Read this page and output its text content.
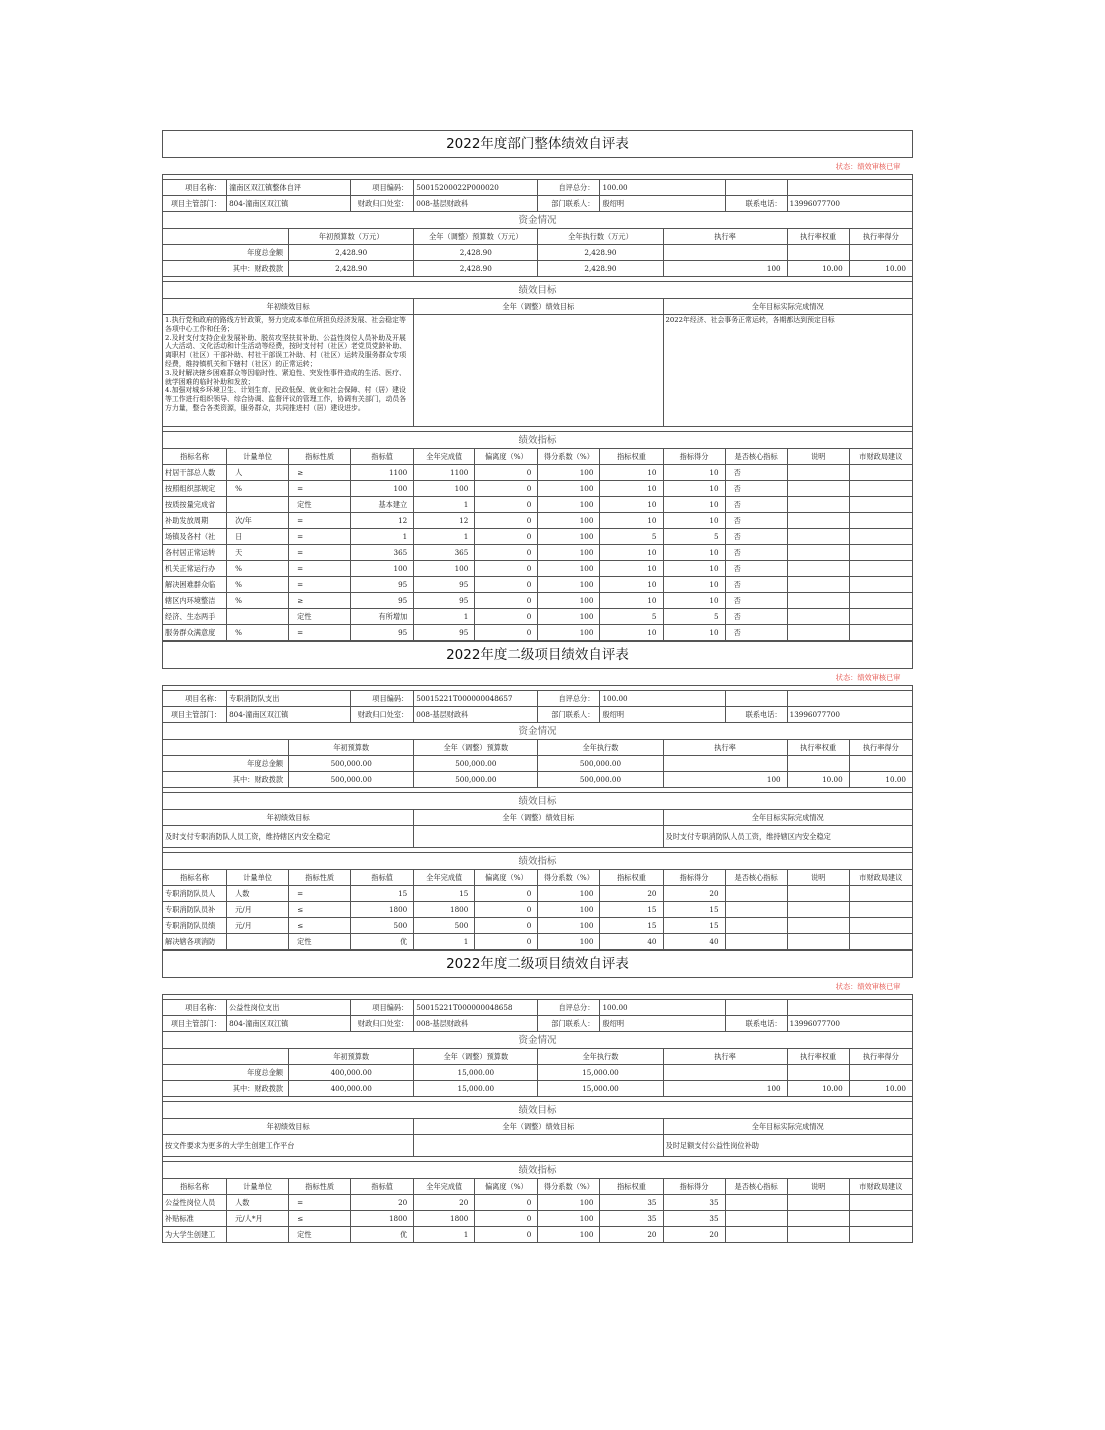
2022年度部门整体绩效自评表											
状态：绩效审核已审											

项目名称：	潼南区双江镇整体自评		项目编码：	50015200022P000020		自评总分：	100.00				
项目主管部门：	804-潼南区双江镇		财政归口处室：	008-基层财政科		部门联系人：	殷绍明		联系电话：	13996077700	
资金情况											
		年初预算数（万元）		全年（调整）预算数（万元）		全年执行数（万元）		执行率		执行率权重	执行率得分
年度总金额		2,428.90		2,428.90		2,428.90					
其中：财政拨款		2,428.90		2,428.90		2,428.90		100		10.00	10.00

绩效目标											
年初绩效目标				全年（调整）绩效目标				全年目标实际完成情况			
1.执行党和政府的路线方针政策，努力完成本单位所担负经济发展、社会稳定等各项中心工作和任务；
2.及时支付支持企业发展补助、脱贫攻坚扶贫补助、公益性岗位人员补助及开展人大活动、文化活动和计生活动等经费，按时支付村（社区）老党员党龄补助、离职村（社区）干部补助、村社干部误工补助、村（社区）运转及服务群众专项经费，维持镇机关和下辖村（社区）的正常运转；
3.及时解决辖乡困难群众等因临时性、紧迫性、突发性事件造成的生活、医疗、就学困难的临时补助和发放；
4.加强对城乡环境卫生、计划生育、民政低保、就业和社会保障、村（居）建设等工作进行组织领导、综合协调、监督评议的管理工作，协调有关部门，动员各方力量，整合各类资源，服务群众，共同推进村（居）建设进步。								2022年经济、社会事务正常运转，各期都达到预定目标			

绩效指标											
指标名称	计量单位	指标性质	指标值	全年完成值	偏离度（%）	得分系数（%）	指标权重	指标得分	是否核心指标	说明	市财政局建议
村居干部总人数	人	≥	1100	1100	0	100	10	10	否		
按照组织部规定	%	=	100	100	0	100	10	10	否		
按质按量完成省		定性	基本建立	1	0	100	10	10	否		
补助发放周期	次/年	=	12	12	0	100	10	10	否		
场镇及各村（社	日	=	1	1	0	100	5	5	否		
各村居正常运转	天	=	365	365	0	100	10	10	否		
机关正常运行办	%	=	100	100	0	100	10	10	否		
解决困难群众临	%	=	95	95	0	100	10	10	否		
辖区内环境整洁	%	≥	95	95	0	100	10	10	否		
经济、生态两手		定性	有所增加	1	0	100	5	5	否		
服务群众满意度	%	=	95	95	0	100	10	10	否		
2022年度二级项目绩效自评表											
状态：绩效审核已审											

项目名称：	专职消防队支出		项目编码：	50015221T000000048657		自评总分：	100.00				
项目主管部门：	804-潼南区双江镇		财政归口处室：	008-基层财政科		部门联系人：	殷绍明		联系电话：	13996077700	
资金情况											
		年初预算数		全年（调整）预算数		全年执行数		执行率		执行率权重	执行率得分
年度总金额		500,000.00		500,000.00		500,000.00					
其中：财政拨款		500,000.00		500,000.00		500,000.00		100		10.00	10.00

绩效目标											
年初绩效目标				全年（调整）绩效目标				全年目标实际完成情况			
及时支付专职消防队人员工资，维持辖区内安全稳定								及时支付专职消防队人员工资，维持辖区内安全稳定			

绩效指标											
指标名称	计量单位	指标性质	指标值	全年完成值	偏离度（%）	得分系数（%）	指标权重	指标得分	是否核心指标	说明	市财政局建议
专职消防队员人	人数	=	15	15	0	100	20	20			
专职消防队员补	元/月	≤	1800	1800	0	100	15	15			
专职消防队员绩	元/月	≤	500	500	0	100	15	15			
解决辖各项消防		定性	优	1	0	100	40	40			
2022年度二级项目绩效自评表											
状态：绩效审核已审											

项目名称：	公益性岗位支出		项目编码：	50015221T000000048658		自评总分：	100.00				
项目主管部门：	804-潼南区双江镇		财政归口处室：	008-基层财政科		部门联系人：	殷绍明		联系电话：	13996077700	
资金情况											
		年初预算数		全年（调整）预算数		全年执行数		执行率		执行率权重	执行率得分
年度总金额		400,000.00		15,000.00		15,000.00					
其中：财政拨款		400,000.00		15,000.00		15,000.00		100		10.00	10.00

绩效目标											
年初绩效目标				全年（调整）绩效目标				全年目标实际完成情况			
按文件要求为更多的大学生创建工作平台								及时足额支付公益性岗位补助			

绩效指标											
指标名称	计量单位	指标性质	指标值	全年完成值	偏离度（%）	得分系数（%）	指标权重	指标得分	是否核心指标	说明	市财政局建议
公益性岗位人员	人数	=	20	20	0	100	35	35			
补贴标准	元/人*月	≤	1800	1800	0	100	35	35			
为大学生创建工		定性	优	1	0	100	20	20			
